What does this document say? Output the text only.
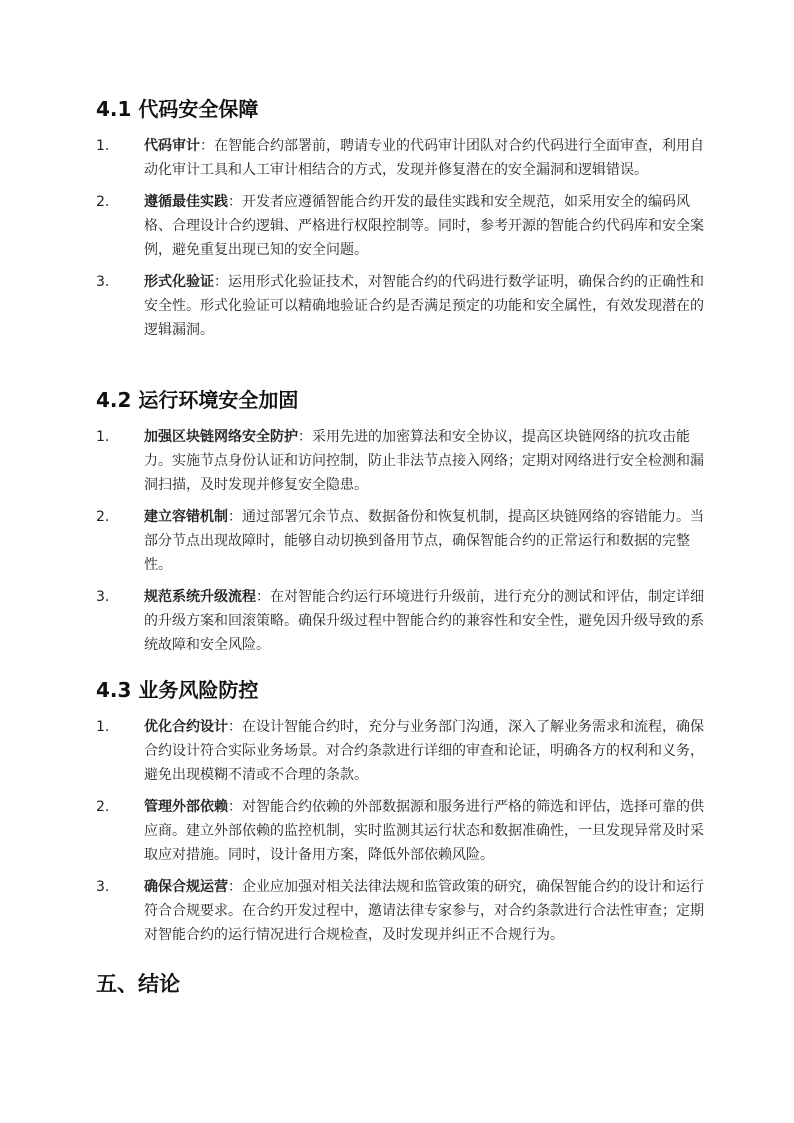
4.1 代码安全保障
1. 代码审计：在智能合约部署前，聘请专业的代码审计团队对合约代码进行全面审查，利用自动化审计工具和人工审计相结合的方式，发现并修复潜在的安全漏洞和逻辑错误。
2. 遵循最佳实践：开发者应遵循智能合约开发的最佳实践和安全规范，如采用安全的编码风格、合理设计合约逻辑、严格进行权限控制等。同时，参考开源的智能合约代码库和安全案例，避免重复出现已知的安全问题。
3. 形式化验证：运用形式化验证技术，对智能合约的代码进行数学证明，确保合约的正确性和安全性。形式化验证可以精确地验证合约是否满足预定的功能和安全属性，有效发现潜在的逻辑漏洞。
4.2 运行环境安全加固
1. 加强区块链网络安全防护：采用先进的加密算法和安全协议，提高区块链网络的抗攻击能力。实施节点身份认证和访问控制，防止非法节点接入网络；定期对网络进行安全检测和漏洞扫描，及时发现并修复安全隐患。
2. 建立容错机制：通过部署冗余节点、数据备份和恢复机制，提高区块链网络的容错能力。当部分节点出现故障时，能够自动切换到备用节点，确保智能合约的正常运行和数据的完整性。
3. 规范系统升级流程：在对智能合约运行环境进行升级前，进行充分的测试和评估，制定详细的升级方案和回滚策略。确保升级过程中智能合约的兼容性和安全性，避免因升级导致的系统故障和安全风险。
4.3 业务风险防控
1. 优化合约设计：在设计智能合约时，充分与业务部门沟通，深入了解业务需求和流程，确保合约设计符合实际业务场景。对合约条款进行详细的审查和论证，明确各方的权利和义务，避免出现模糊不清或不合理的条款。
2. 管理外部依赖：对智能合约依赖的外部数据源和服务进行严格的筛选和评估，选择可靠的供应商。建立外部依赖的监控机制，实时监测其运行状态和数据准确性，一旦发现异常及时采取应对措施。同时，设计备用方案，降低外部依赖风险。
3. 确保合规运营：企业应加强对相关法律法规和监管政策的研究，确保智能合约的设计和运行符合合规要求。在合约开发过程中，邀请法律专家参与，对合约条款进行合法性审查；定期对智能合约的运行情况进行合规检查，及时发现并纠正不合规行为。
五、结论
